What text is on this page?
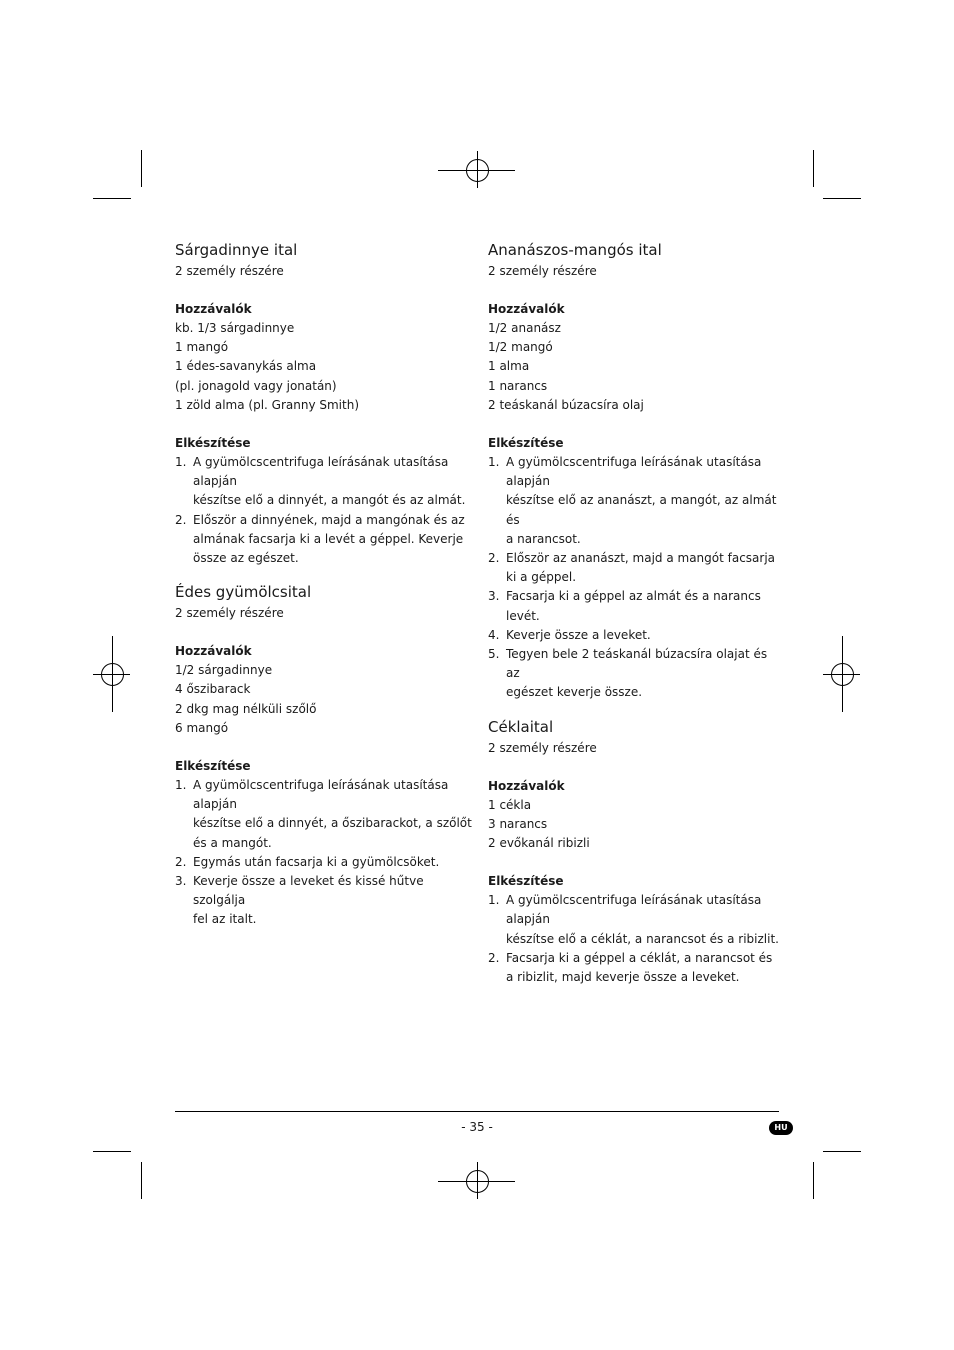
Sárgadinnye ital

2 személy részére

Hozzávalók

kb. 1/3 sárgadinnye
1 mangó
1 édes-savanykás alma
(pl. jonagold vagy jonatán)
1 zöld alma (pl. Granny Smith)

Elkészítése

1. A gyümölcscentrifuga leírásának utasítása alapján
készítse elő a dinnyét, a mangót és az almát.
2. Először a dinnyének, majd a mangónak és az
almának facsarja ki a levét a géppel. Keverje
össze az egészet.
Édes gyümölcsital

2 személy részére

Hozzávalók

1/2 sárgadinnye
4 őszibarack
2 dkg mag nélküli szőlő
6 mangó

Elkészítése

1. A gyümölcscentrifuga leírásának utasítása alapján
készítse elő a dinnyét, a őszibarackot, a szőlőt
és a mangót.
2. Egymás után facsarja ki a gyümölcsöket.
3. Keverje össze a leveket és kissé hűtve szolgálja
fel az italt.
Ananászos-mangós ital

2 személy részére

Hozzávalók

1/2 ananász
1/2 mangó
1 alma
1 narancs
2 teáskanál búzacsíra olaj

Elkészítése

1. A gyümölcscentrifuga leírásának utasítása alapján
készítse elő az ananászt, a mangót, az almát és
a narancsot.
2. Először az ananászt, majd a mangót facsarja
ki a géppel.
3. Facsarja ki a géppel az almát és a narancs levét.
4. Keverje össze a leveket.
5. Tegyen bele 2 teáskanál búzacsíra olajat és az
egészet keverje össze.
Céklaital

2 személy részére

Hozzávalók

1 cékla
3 narancs
2 evőkanál ribizli

Elkészítése

1. A gyümölcscentrifuga leírásának utasítása alapján
készítse elő a céklát, a narancsot és a ribizlit.
2. Facsarja ki a géppel a céklát, a narancsot és
a ribizlit, majd keverje össze a leveket.
- 35 -	HU
